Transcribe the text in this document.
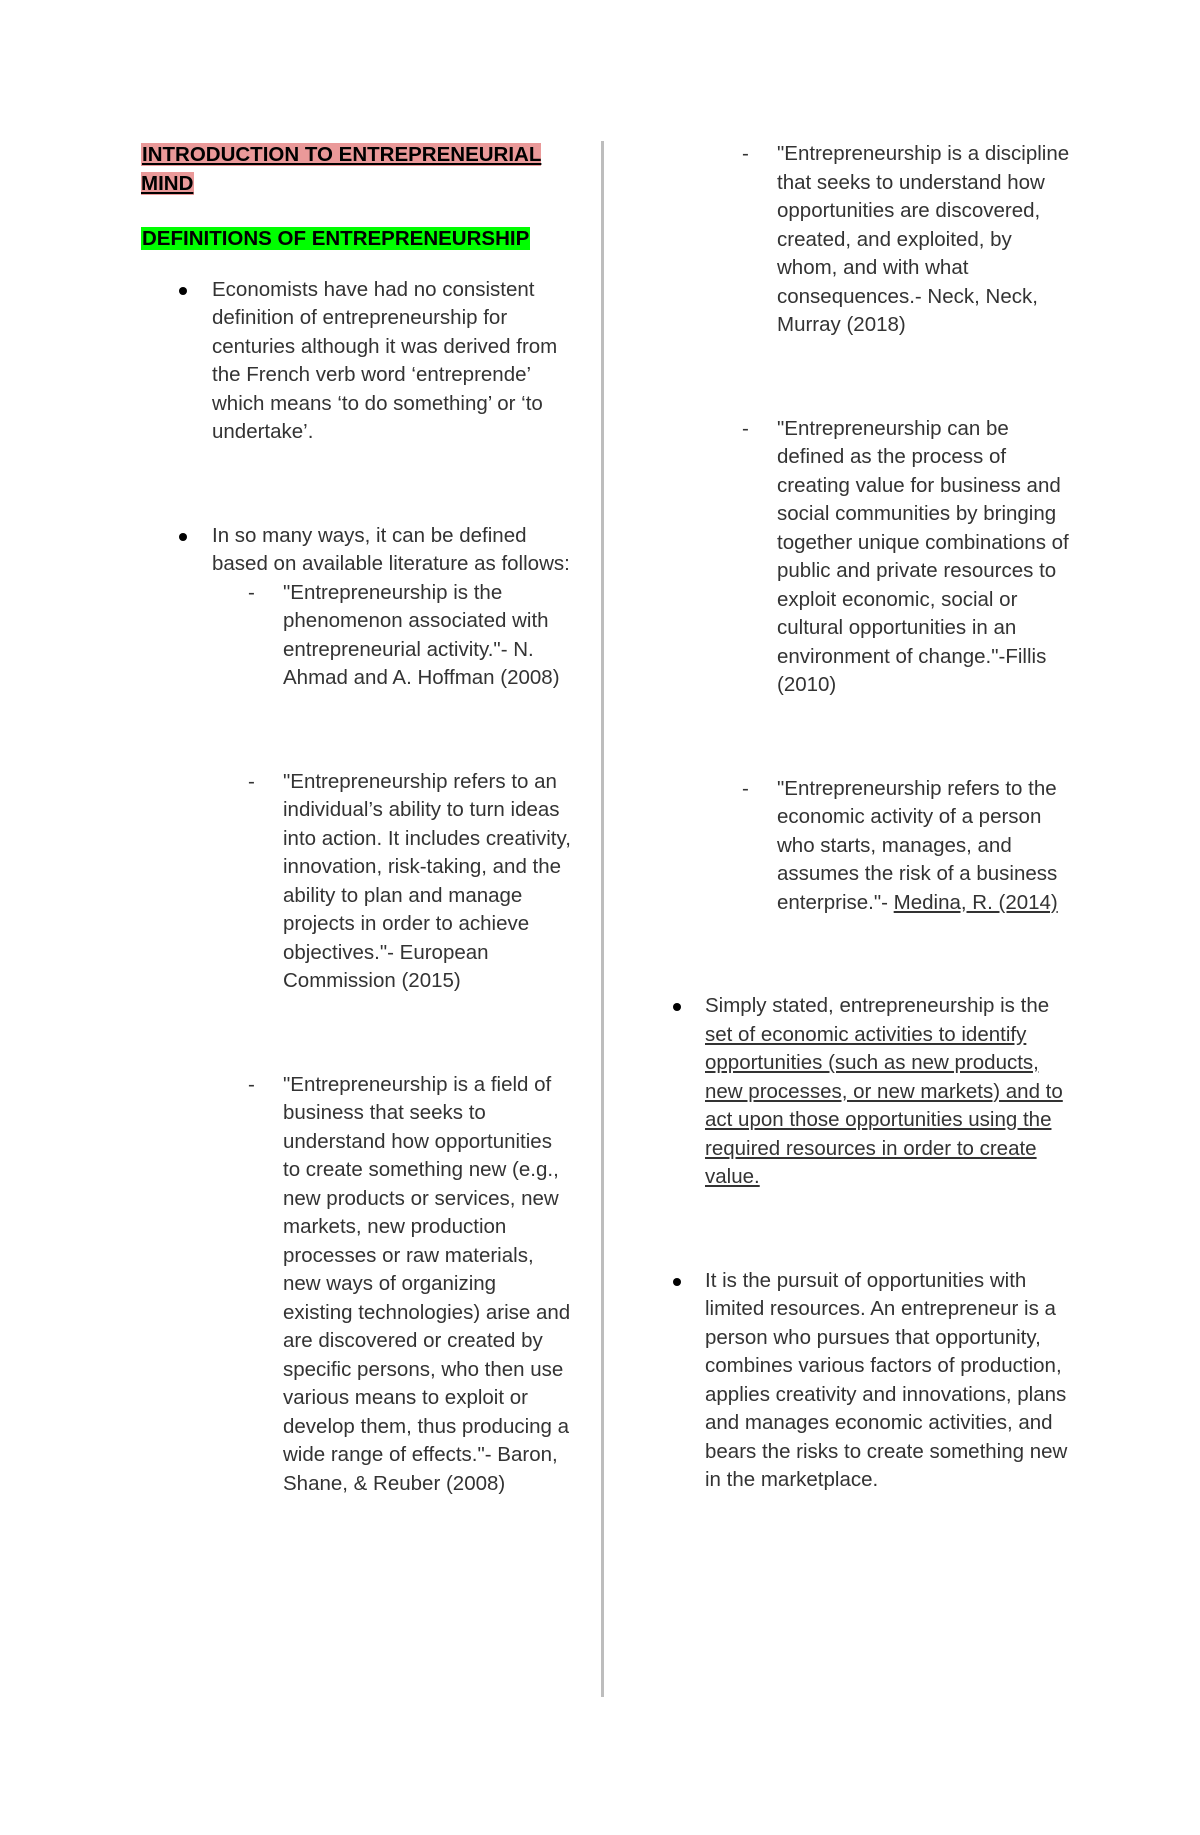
INTRODUCTION TO ENTREPRENEURIAL MIND
DEFINITIONS OF ENTREPRENEURSHIP
Economists have had no consistent definition of entrepreneurship for centuries although it was derived from the French verb word ‘entreprende’ which means ‘to do something’ or ‘to undertake’.
In so many ways, it can be defined based on available literature as follows:
- "Entrepreneurship is the phenomenon associated with entrepreneurial activity."- N. Ahmad and A. Hoffman (2008)
- "Entrepreneurship refers to an individual’s ability to turn ideas into action. It includes creativity, innovation, risk-taking, and the ability to plan and manage projects in order to achieve objectives."- European Commission (2015)
- "Entrepreneurship is a field of business that seeks to understand how opportunities to create something new (e.g., new products or services, new markets, new production processes or raw materials, new ways of organizing existing technologies) arise and are discovered or created by specific persons, who then use various means to exploit or develop them, thus producing a wide range of effects."- Baron, Shane, & Reuber (2008)
- "Entrepreneurship is a discipline that seeks to understand how opportunities are discovered, created, and exploited, by whom, and with what consequences.- Neck, Neck, Murray (2018)
- "Entrepreneurship can be defined as the process of creating value for business and social communities by bringing together unique combinations of public and private resources to exploit economic, social or cultural opportunities in an environment of change."-Fillis (2010)
- "Entrepreneurship refers to the economic activity of a person who starts, manages, and assumes the risk of a business enterprise."- Medina, R. (2014)
Simply stated, entrepreneurship is the set of economic activities to identify opportunities (such as new products, new processes, or new markets) and to act upon those opportunities using the required resources in order to create value.
It is the pursuit of opportunities with limited resources. An entrepreneur is a person who pursues that opportunity, combines various factors of production, applies creativity and innovations, plans and manages economic activities, and bears the risks to create something new in the marketplace.
